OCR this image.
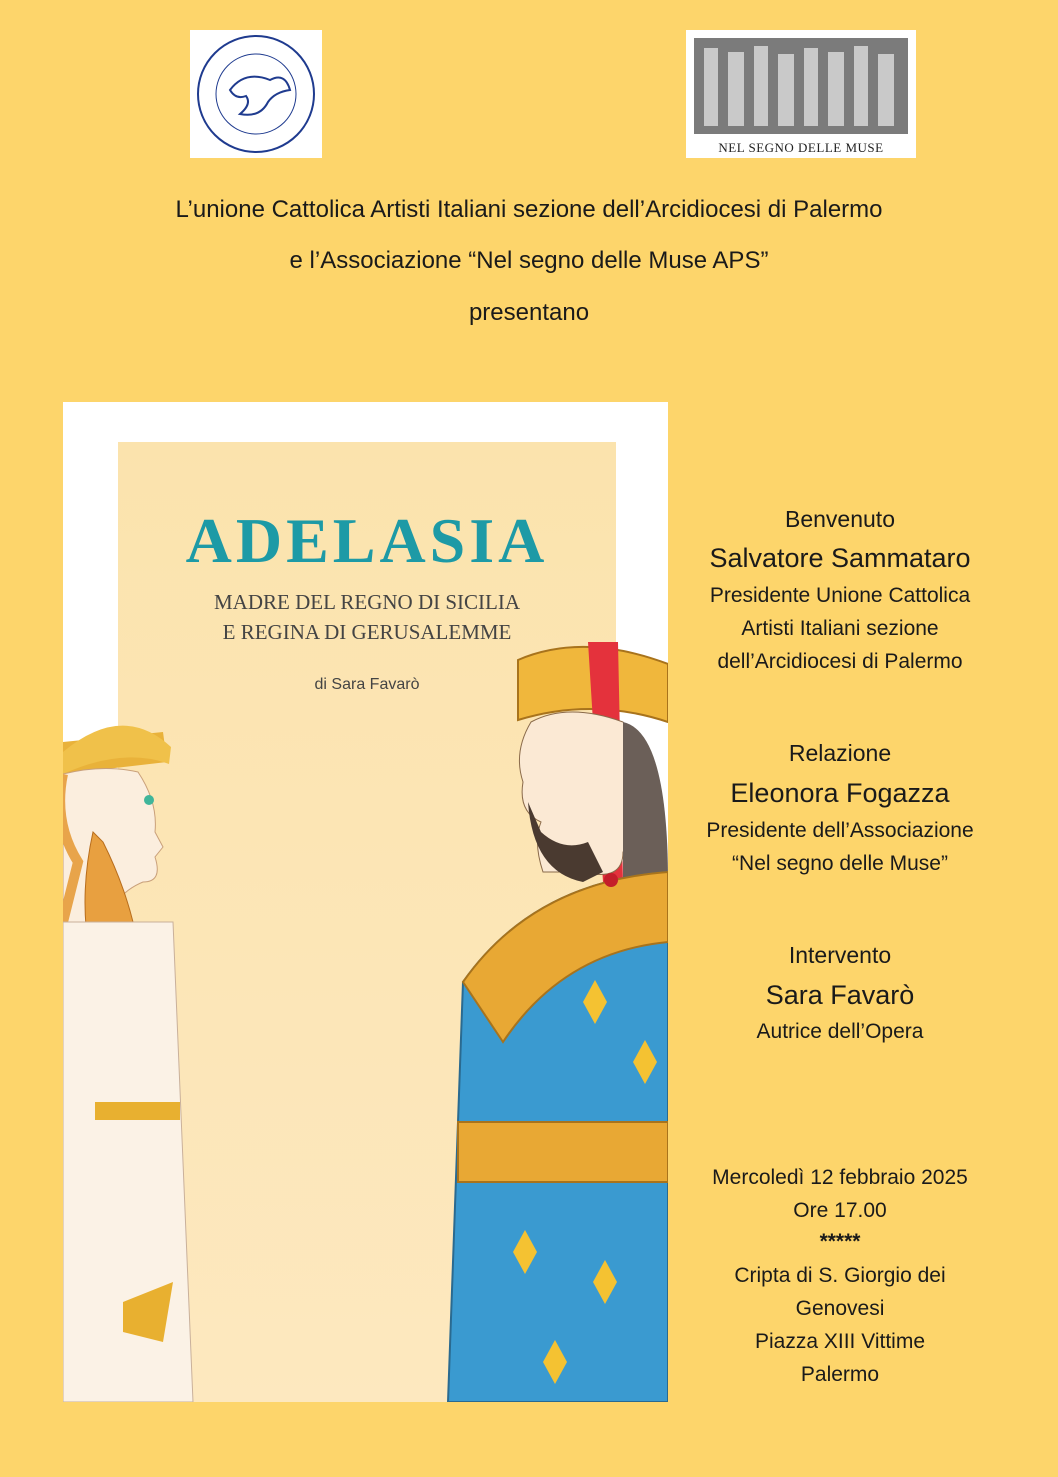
NEL SEGNO DELLE MUSE
L’unione Cattolica Artisti Italiani sezione dell’Arcidiocesi di Palermo
e l’Associazione “Nel segno delle Muse APS”
presentano
ADELASIA
MADRE DEL REGNO DI SICILIA
E REGINA DI GERUSALEMME
di Sara Favarò
Benvenuto
Salvatore Sammataro
Presidente Unione Cattolica
Artisti Italiani sezione
dell’Arcidiocesi di Palermo
Relazione
Eleonora Fogazza
Presidente dell’Associazione
“Nel segno delle Muse”
Intervento
Sara Favarò
Autrice dell’Opera
Mercoledì 12 febbraio 2025
Ore 17.00
*****
Cripta di S. Giorgio dei
Genovesi
Piazza XIII Vittime
Palermo
